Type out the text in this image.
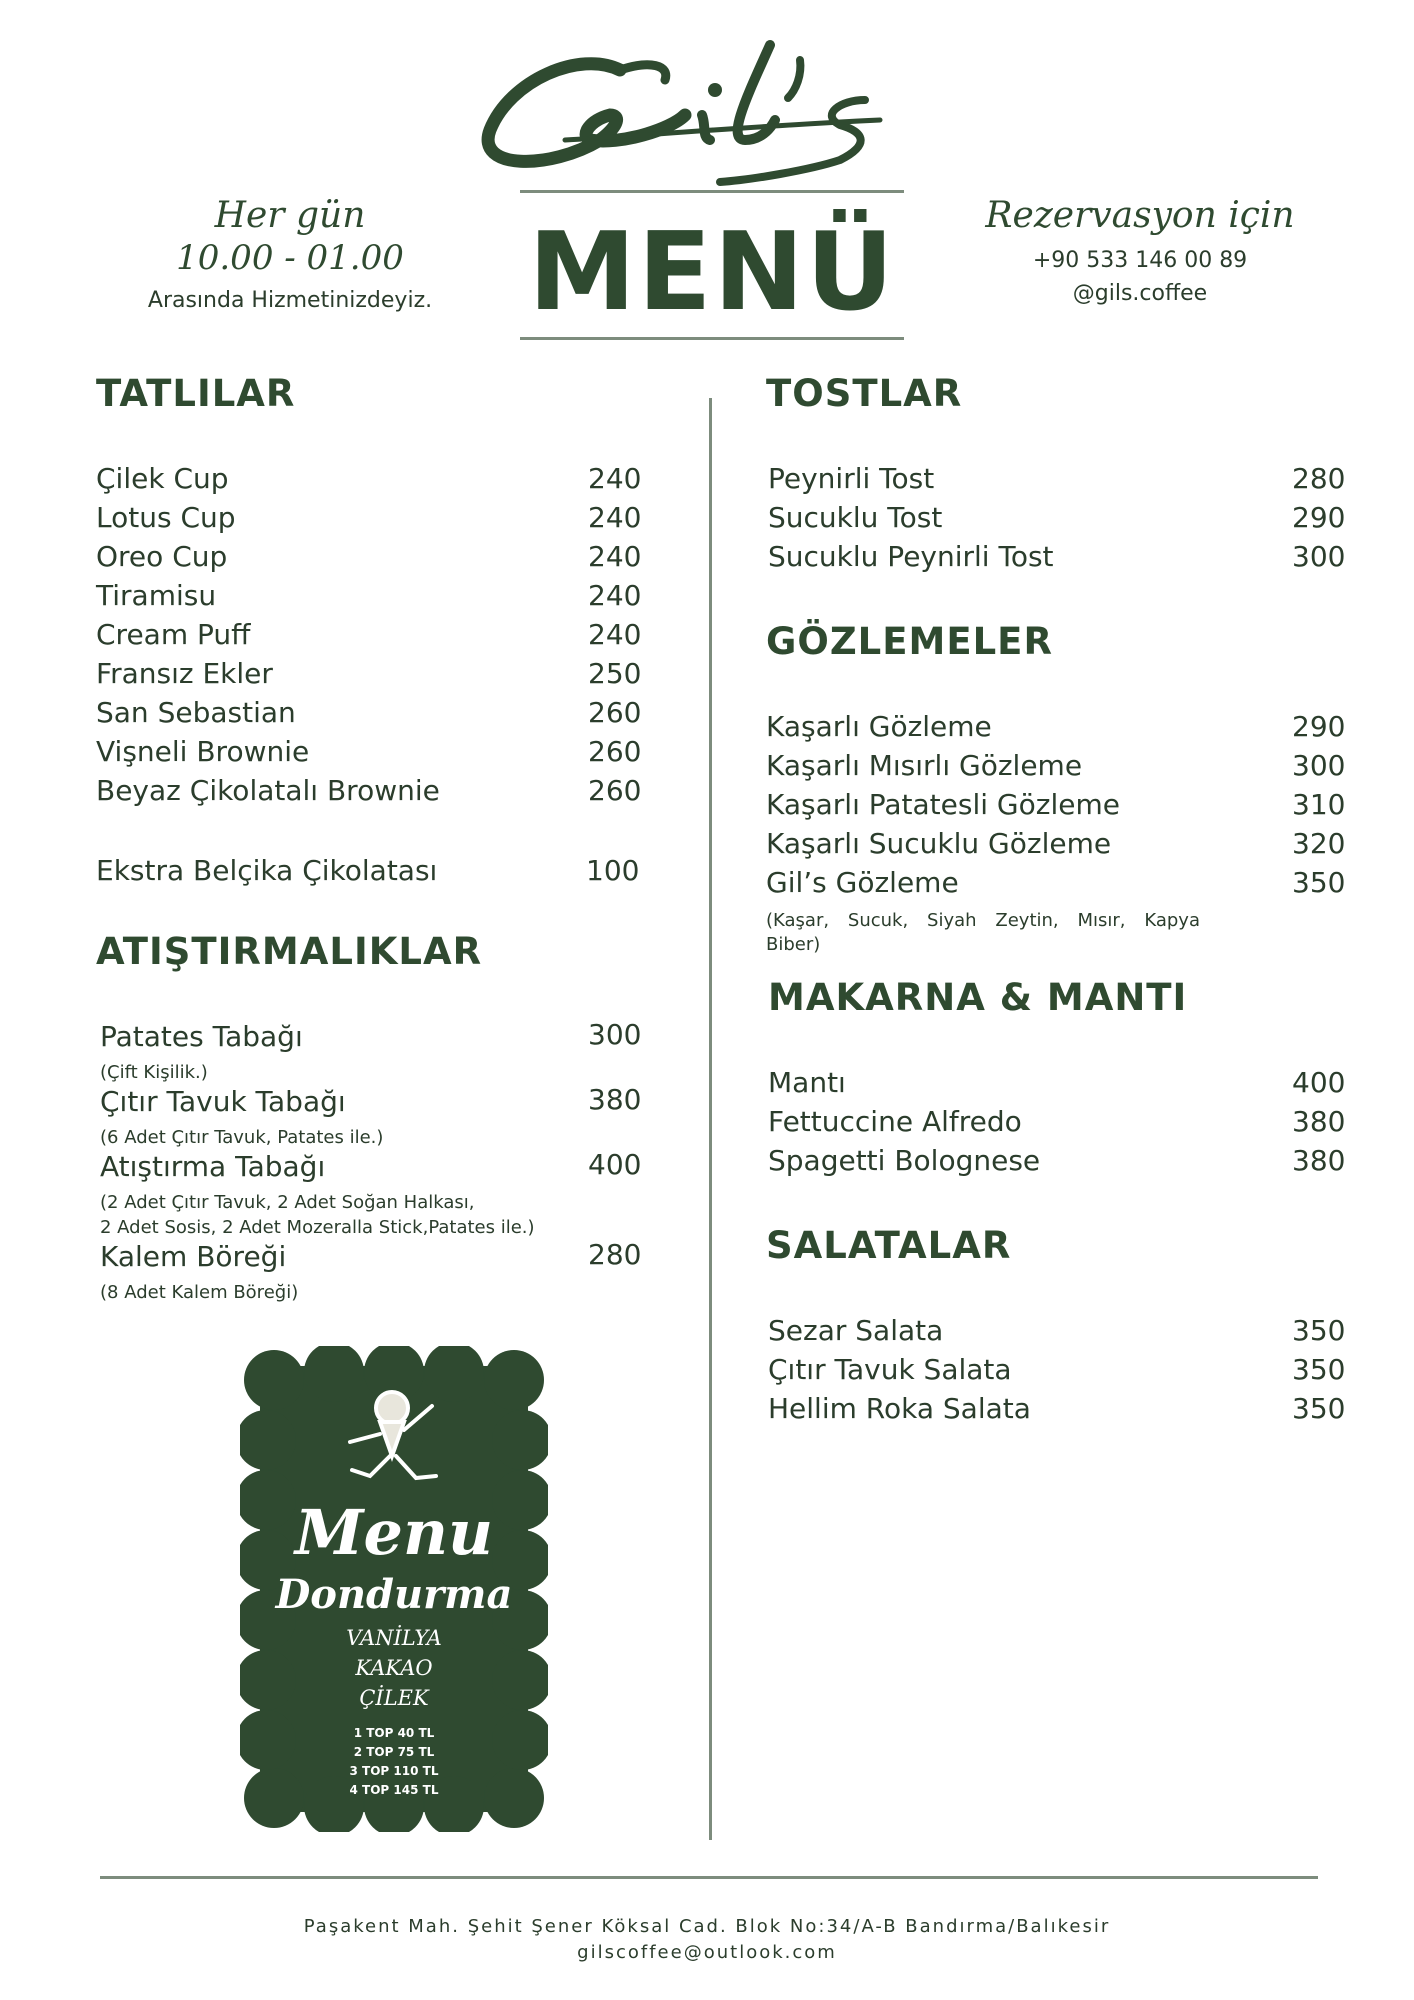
MENÜ
Her gün
10.00 - 01.00
Arasında Hizmetinizdeyiz.
Rezervasyon için
+90 533 146 00 89
@gils.coffee
TATLILAR
Çilek Cup	240
Lotus Cup	240
Oreo Cup	240
Tiramisu	240
Cream Puff	240
Fransız Ekler	250
San Sebastian	260
Vişneli Brownie	260
Beyaz Çikolatalı Brownie	260
Ekstra Belçika Çikolatası	100
ATIŞTIRMALIKLAR
Patates Tabağı	300
(Çift Kişilik.)
Çıtır Tavuk Tabağı	380
(6 Adet Çıtır Tavuk, Patates ile.)
Atıştırma Tabağı	400
(2 Adet Çıtır Tavuk, 2 Adet Soğan Halkası,
2 Adet Sosis, 2 Adet Mozeralla Stick,Patates ile.)
Kalem Böreği	280
(8 Adet Kalem Böreği)
TOSTLAR
Peynirli Tost	280
Sucuklu Tost	290
Sucuklu Peynirli Tost	300
GÖZLEMELER
Kaşarlı Gözleme	290
Kaşarlı Mısırlı Gözleme	300
Kaşarlı Patatesli Gözleme	310
Kaşarlı Sucuklu Gözleme	320
Gil’s Gözleme	350
(Kaşar, Sucuk, Siyah Zeytin, Mısır, Kapya
Biber)
MAKARNA & MANTI
Mantı	400
Fettuccine Alfredo	380
Spagetti Bolognese	380
SALATALAR
Sezar Salata	350
Çıtır Tavuk Salata	350
Hellim Roka Salata	350
Menu
Dondurma
VANİLYA
KAKAO
ÇİLEK
1 TOP 40 TL
2 TOP 75 TL
3 TOP 110 TL
4 TOP 145 TL
Paşakent Mah. Şehit Şener Köksal Cad. Blok No:34/A-B Bandırma/Balıkesir
gilscoffee@outlook.com
